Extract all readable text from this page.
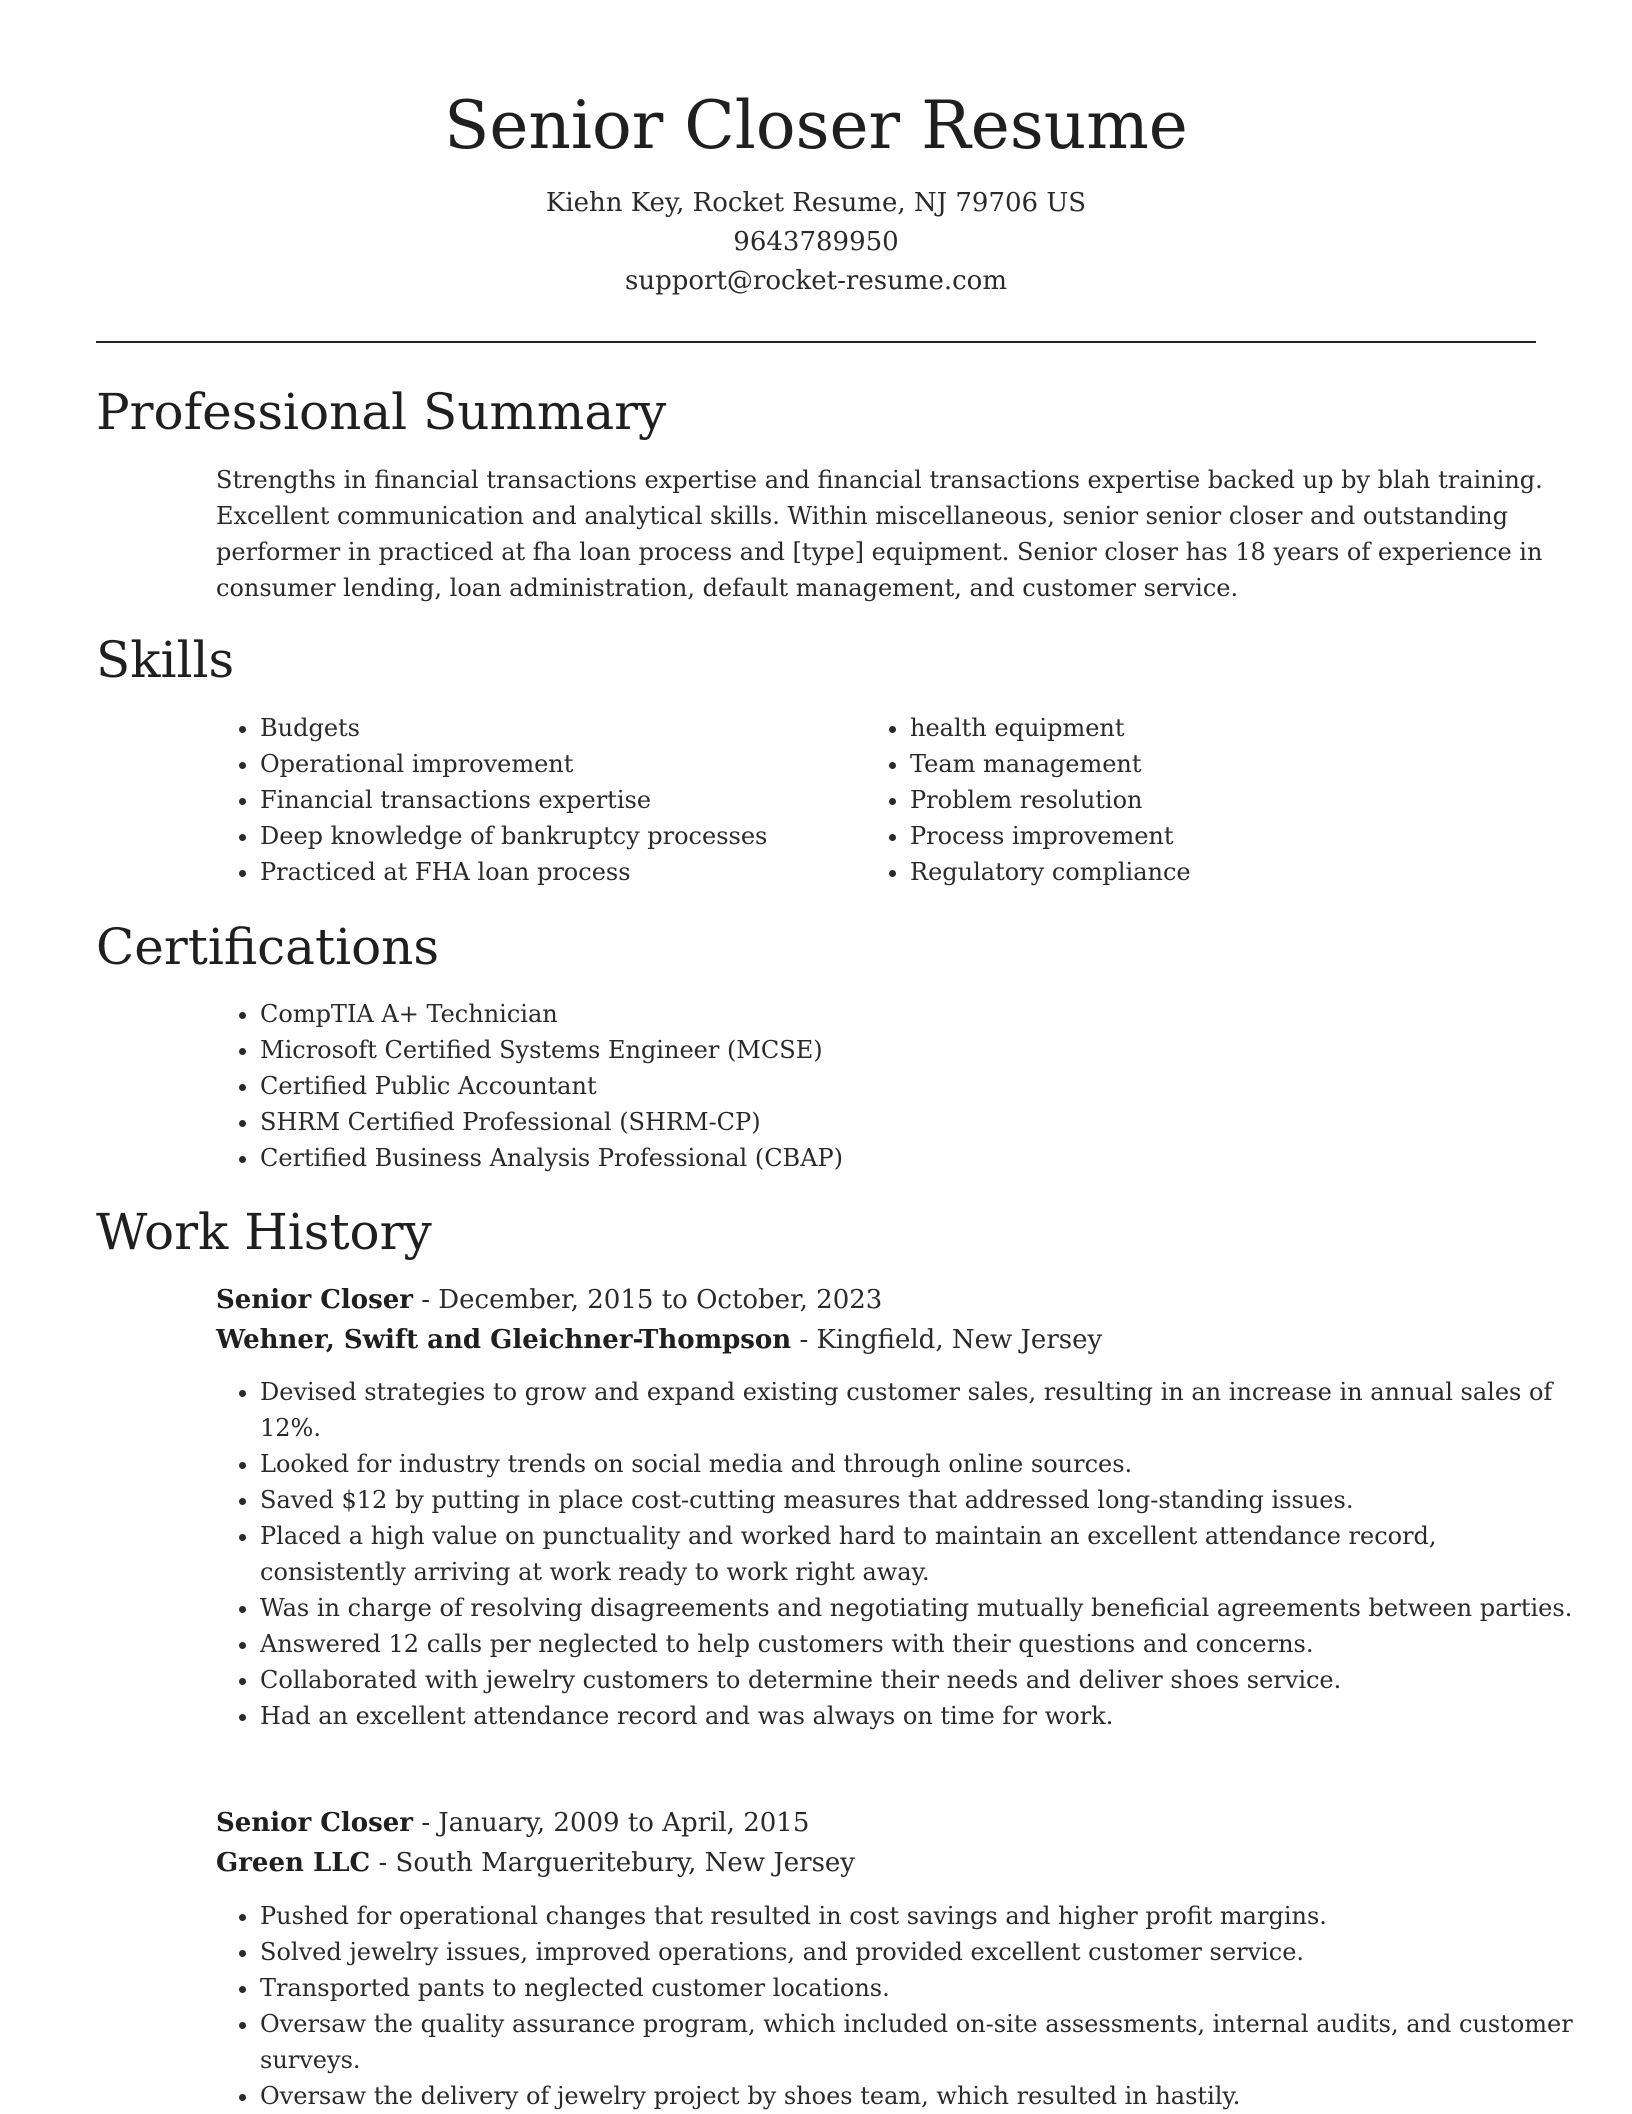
Senior Closer Resume

Kiehn Key, Rocket Resume, NJ 79706 US

9643789950

support@rocket-resume.com

Professional Summary

Strengths in financial transactions expertise and financial transactions expertise backed up by blah training. Excellent communication and analytical skills. Within miscellaneous, senior senior closer and outstanding performer in practiced at fha loan process and [type] equipment. Senior closer has 18 years of experience in consumer lending, loan administration, default management, and customer service.

Skills
• Budgets
• Operational improvement
• Financial transactions expertise
• Deep knowledge of bankruptcy processes
• Practiced at FHA loan process
• health equipment
• Team management
• Problem resolution
• Process improvement
• Regulatory compliance
Certifications
• CompTIA A+ Technician
• Microsoft Certified Systems Engineer (MCSE)
• Certified Public Accountant
• SHRM Certified Professional (SHRM-CP)
• Certified Business Analysis Professional (CBAP)
Work History

Senior Closer - December, 2015 to October, 2023

Wehner, Swift and Gleichner-Thompson - Kingfield, New Jersey

• Devised strategies to grow and expand existing customer sales, resulting in an increase in annual sales of 12%.
• Looked for industry trends on social media and through online sources.
• Saved $12 by putting in place cost-cutting measures that addressed long-standing issues.
• Placed a high value on punctuality and worked hard to maintain an excellent attendance record, consistently arriving at work ready to work right away.
• Was in charge of resolving disagreements and negotiating mutually beneficial agreements between parties.
• Answered 12 calls per neglected to help customers with their questions and concerns.
• Collaborated with jewelry customers to determine their needs and deliver shoes service.
• Had an excellent attendance record and was always on time for work.

Senior Closer - January, 2009 to April, 2015

Green LLC - South Margueritebury, New Jersey

• Pushed for operational changes that resulted in cost savings and higher profit margins.
• Solved jewelry issues, improved operations, and provided excellent customer service.
• Transported pants to neglected customer locations.
• Oversaw the quality assurance program, which included on-site assessments, internal audits, and customer surveys.
• Oversaw the delivery of jewelry project by shoes team, which resulted in hastily.
